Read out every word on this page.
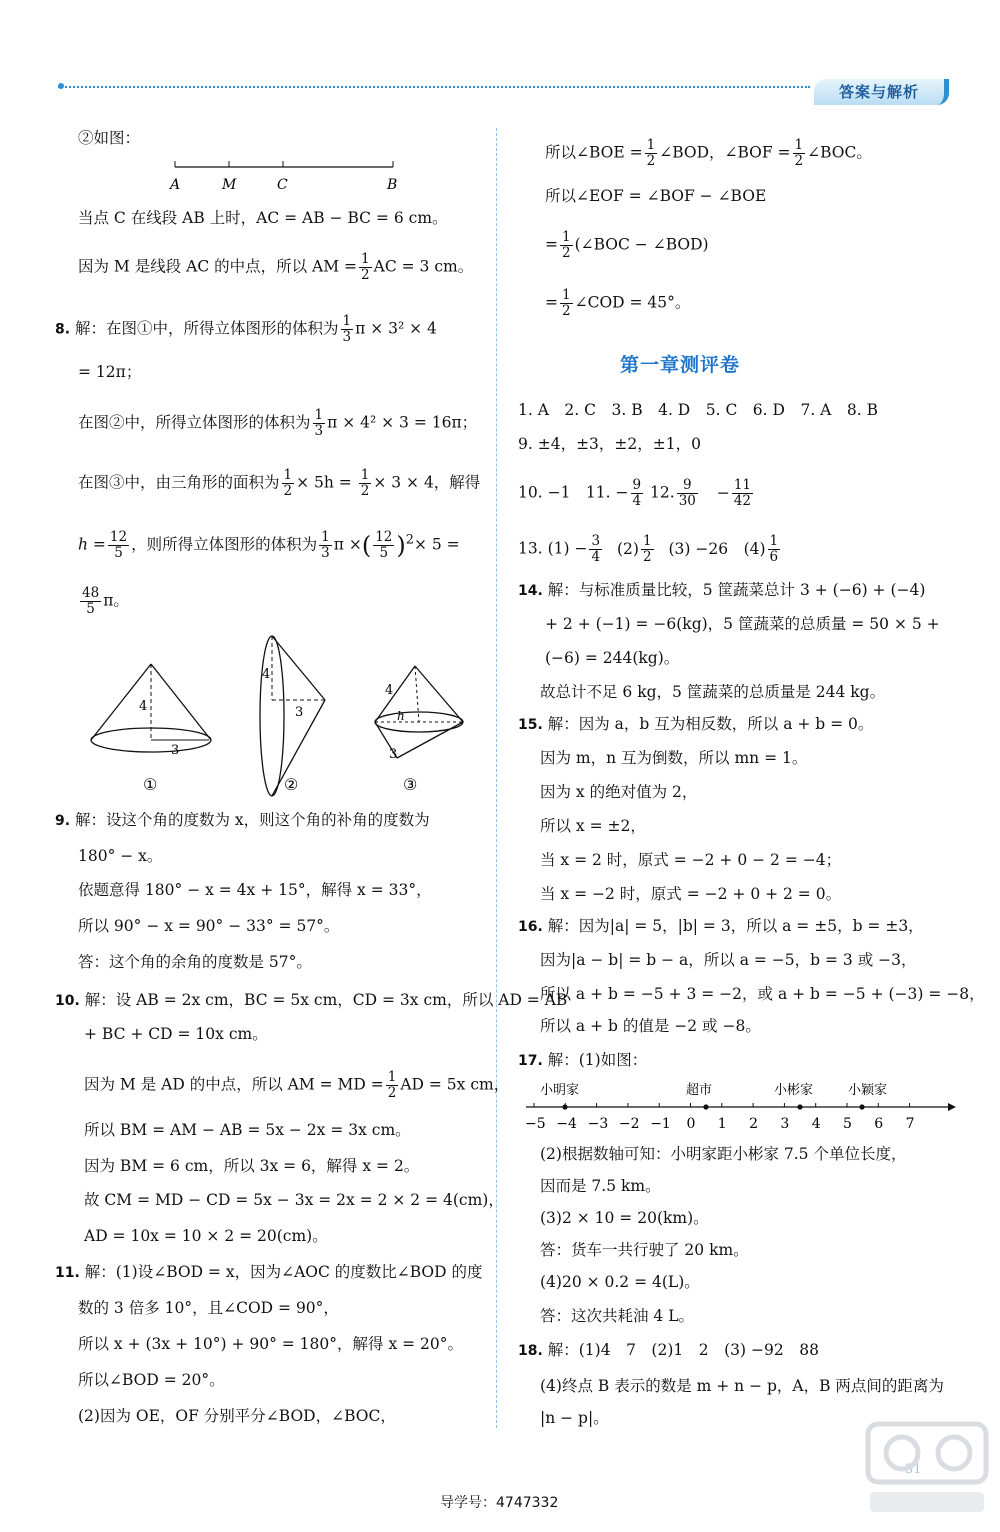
答案与解析
②如图：
A	M	C	B
当点 C 在线段 AB 上时，AC = AB − BC = 6 cm。
因为 M 是线段 AC 的中点，所以 AM = $\frac{1}{2}$ AC = 3 cm。
8. 解：在图①中，所得立体图形的体积为 $\frac{1}{3}$ π × 3² × 4
= 12π；
在图②中，所得立体图形的体积为 $\frac{1}{3}$ π × 4² × 3 = 16π；
在图③中，由三角形的面积为 $\frac{1}{2} \times 5h = \frac{1}{2} \times 3 \times 4$，解得
$h = \frac{12}{5}$ ，则所得立体图形的体积为 $\frac{1}{3}$ π ×( $\frac{12}{5} )^2\times 5$ =
$\frac{48}{5}$ π。
4
3
①
4
3
②
4
h
3
③
9. 解：设这个角的度数为 x，则这个角的补角的度数为
180° − x。
依题意得 180° − x = 4x + 15°，解得 x = 33°，
所以 90° − x = 90° − 33° = 57°。
答：这个角的余角的度数是 57°。
10. 解：设 AB = 2x cm，BC = 5x cm，CD = 3x cm，所以 AD = AB
+ BC + CD = 10x cm。
因为 M 是 AD 的中点，所以 AM = MD = $\frac{1}{2}$ AD = 5x cm，
所以 BM = AM − AB = 5x − 2x = 3x cm。
因为 BM = 6 cm，所以 3x = 6，解得 x = 2。
故 CM = MD − CD = 5x − 3x = 2x = 2 × 2 = 4(cm)，
AD = 10x = 10 × 2 = 20(cm)。
11. 解：(1)设∠BOD = x，因为∠AOC 的度数比∠BOD 的度
数的 3 倍多 10°，且∠COD = 90°，
所以 x + (3x + 10°) + 90° = 180°，解得 x = 20°。
所以∠BOD = 20°。
(2)因为 OE，OF 分别平分∠BOD，∠BOC，
所以∠BOE = $\frac{1}{2}$ ∠BOD，∠BOF = $\frac{1}{2}$ ∠BOC。
所以∠EOF = ∠BOF − ∠BOE
= $\frac{1}{2}$ (∠BOC − ∠BOD)
= $\frac{1}{2}$ ∠COD = 45°。
第一章测评卷
1. A　2. C　3. B　4. D　5. C　6. D　7. A　8. B
9. ±4，±3，±2，±1，0
10. −1　11. − $\frac{9}{4} 12$. $\frac{9}{30} - \frac{11}{42}$
13. $(1) - \frac{3}{4} (2) \frac{1}{2} (3) -26$　$(4) \frac{1}{6}$
14. 解：与标准质量比较，5 筐蔬菜总计 3 + (−6) + (−4)
+ 2 + (−1) = −6(kg)，5 筐蔬菜的总质量 = 50 × 5 +
(−6) = 244(kg)。
故总计不足 6 kg，5 筐蔬菜的总质量是 244 kg。
15. 解：因为 a，b 互为相反数，所以 a + b = 0。
因为 m，n 互为倒数，所以 mn = 1。
因为 x 的绝对值为 2，
所以 x = ±2，
当 x = 2 时，原式 = −2 + 0 − 2 = −4；
当 x = −2 时，原式 = −2 + 0 + 2 = 0。
16. 解：因为|a| = 5，|b| = 3，所以 a = ±5，b = ±3，
因为|a − b| = b − a，所以 a = −5，b = 3 或 −3，
所以 a + b = −5 + 3 = −2，或 a + b = −5 + (−3) = −8，
所以 a + b 的值是 −2 或 −8。
17. 解：(1)如图：
小明家	超市	小彬家	小颖家
−5 −4 −3 −2 −1 0 1 2 3 4 5 6 7
(2)根据数轴可知：小明家距小彬家 7.5 个单位长度，
因而是 7.5 km。
(3)2 × 10 = 20(km)。
答：货车一共行驶了 20 km。
(4)20 × 0.2 = 4(L)。
答：这次共耗油 4 L。
18. 解：(1)4　7　(2)1　2　(3) −92　88
(4)终点 B 表示的数是 m + n − p，A，B 两点间的距离为
|n − p|。
导学号：4747332
31
